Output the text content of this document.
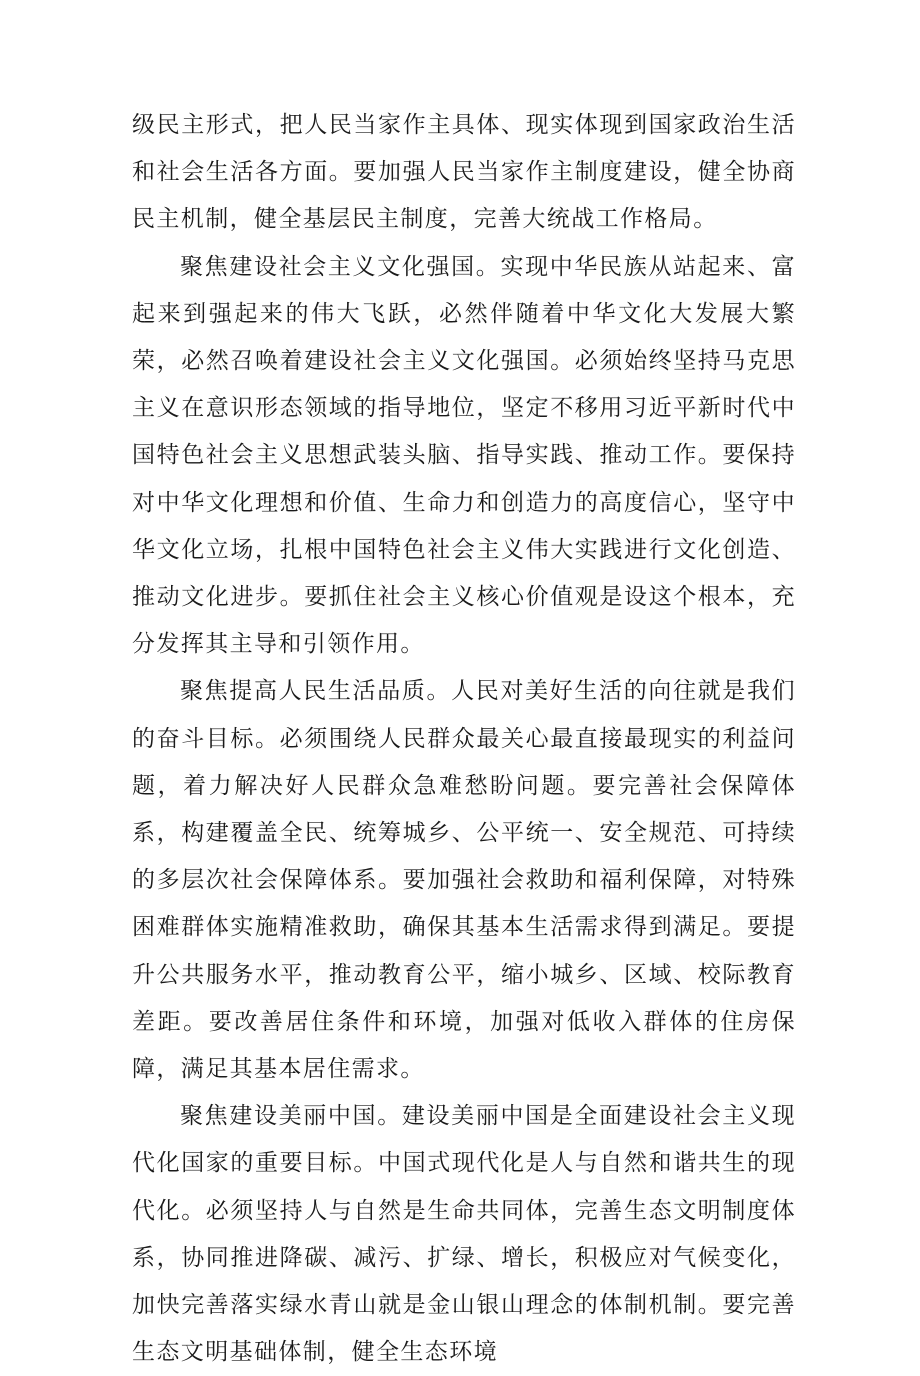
级民主形式，把人民当家作主具体、现实体现到国家政治生活和社会生活各方面。要加强人民当家作主制度建设，健全协商民主机制，健全基层民主制度，完善大统战工作格局。

聚焦建设社会主义文化强国。实现中华民族从站起来、富起来到强起来的伟大飞跃，必然伴随着中华文化大发展大繁荣，必然召唤着建设社会主义文化强国。必须始终坚持马克思主义在意识形态领域的指导地位，坚定不移用习近平新时代中国特色社会主义思想武装头脑、指导实践、推动工作。要保持对中华文化理想和价值、生命力和创造力的高度信心，坚守中华文化立场，扎根中国特色社会主义伟大实践进行文化创造、推动文化进步。要抓住社会主义核心价值观是设这个根本，充分发挥其主导和引领作用。

聚焦提高人民生活品质。人民对美好生活的向往就是我们的奋斗目标。必须围绕人民群众最关心最直接最现实的利益问题，着力解决好人民群众急难愁盼问题。要完善社会保障体系，构建覆盖全民、统筹城乡、公平统一、安全规范、可持续的多层次社会保障体系。要加强社会救助和福利保障，对特殊困难群体实施精准救助，确保其基本生活需求得到满足。要提升公共服务水平，推动教育公平，缩小城乡、区域、校际教育差距。要改善居住条件和环境，加强对低收入群体的住房保障，满足其基本居住需求。

聚焦建设美丽中国。建设美丽中国是全面建设社会主义现代化国家的重要目标。中国式现代化是人与自然和谐共生的现代化。必须坚持人与自然是生命共同体，完善生态文明制度体系，协同推进降碳、减污、扩绿、增长，积极应对气候变化，加快完善落实绿水青山就是金山银山理念的体制机制。要完善生态文明基础体制，健全生态环境
